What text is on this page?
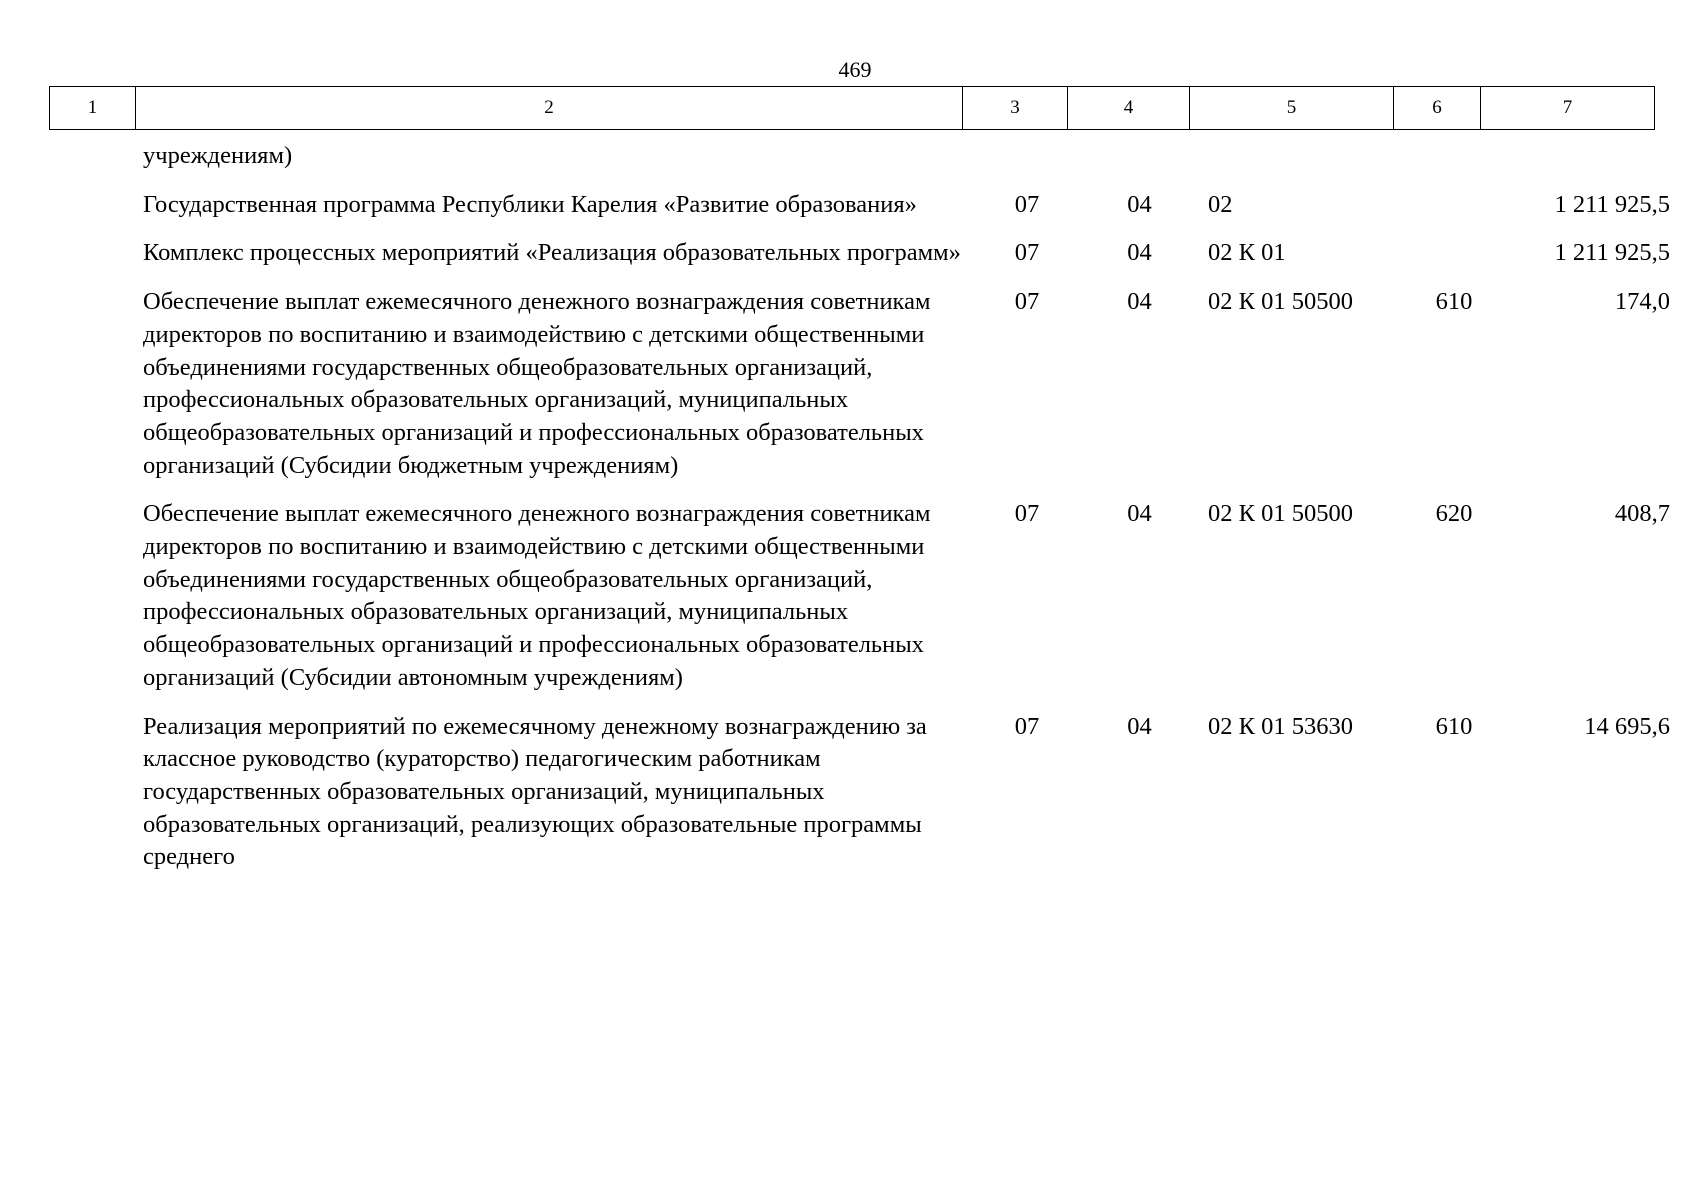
469
1	2	3	4	5	6	7
	учреждениям)					
	Государственная программа Республики Карелия «Развитие образования»	07	04	02		1 211 925,5
	Комплекс процессных мероприятий «Реализация образовательных программ»	07	04	02 К 01		1 211 925,5
	Обеспечение выплат ежемесячного денежного вознаграждения советникам директоров по воспитанию и взаимодействию с детскими общественными объединениями государственных общеобразовательных организаций, профессиональных образовательных организаций, муниципальных общеобразовательных организаций и профессиональных образовательных организаций (Субсидии бюджетным учреждениям)	07	04	02 К 01 50500	610	174,0
	Обеспечение выплат ежемесячного денежного вознаграждения советникам директоров по воспитанию и взаимодействию с детскими общественными объединениями государственных общеобразовательных организаций, профессиональных образовательных организаций, муниципальных общеобразовательных организаций и профессиональных образовательных организаций (Субсидии автономным учреждениям)	07	04	02 К 01 50500	620	408,7
	Реализация мероприятий по ежемесячному денежному вознаграждению за классное руководство (кураторство) педагогическим работникам государственных образовательных организаций, муниципальных образовательных организаций, реализующих образовательные программы среднего	07	04	02 К 01 53630	610	14 695,6
